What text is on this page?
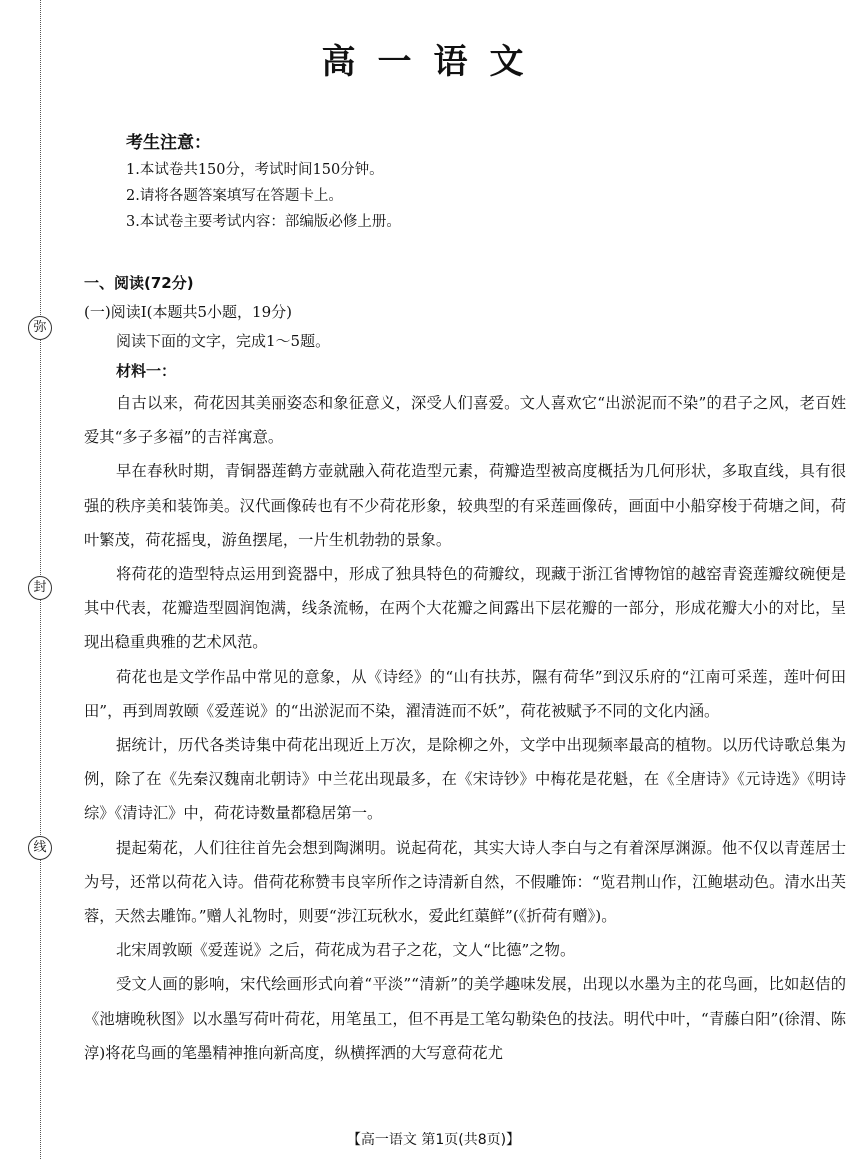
弥
封
线
高一语文
考生注意：
1.本试卷共150分，考试时间150分钟。
2.请将各题答案填写在答题卡上。
3.本试卷主要考试内容：部编版必修上册。
一、阅读(72分)
(一)阅读Ⅰ(本题共5小题，19分)
阅读下面的文字，完成1～5题。
材料一：

自古以来，荷花因其美丽姿态和象征意义，深受人们喜爱。文人喜欢它“出淤泥而不染”的君子之风，老百姓爱其“多子多福”的吉祥寓意。

早在春秋时期，青铜器莲鹤方壶就融入荷花造型元素，荷瓣造型被高度概括为几何形状，多取直线，具有很强的秩序美和装饰美。汉代画像砖也有不少荷花形象，较典型的有采莲画像砖，画面中小船穿梭于荷塘之间，荷叶繁茂，荷花摇曳，游鱼摆尾，一片生机勃勃的景象。

将荷花的造型特点运用到瓷器中，形成了独具特色的荷瓣纹，现藏于浙江省博物馆的越窑青瓷莲瓣纹碗便是其中代表，花瓣造型圆润饱满，线条流畅，在两个大花瓣之间露出下层花瓣的一部分，形成花瓣大小的对比，呈现出稳重典雅的艺术风范。

荷花也是文学作品中常见的意象，从《诗经》的“山有扶苏，隰有荷华”到汉乐府的“江南可采莲，莲叶何田田”，再到周敦颐《爱莲说》的“出淤泥而不染，濯清涟而不妖”，荷花被赋予不同的文化内涵。

据统计，历代各类诗集中荷花出现近上万次，是除柳之外，文学中出现频率最高的植物。以历代诗歌总集为例，除了在《先秦汉魏南北朝诗》中兰花出现最多，在《宋诗钞》中梅花是花魁，在《全唐诗》《元诗选》《明诗综》《清诗汇》中，荷花诗数量都稳居第一。

提起菊花，人们往往首先会想到陶渊明。说起荷花，其实大诗人李白与之有着深厚渊源。他不仅以青莲居士为号，还常以荷花入诗。借荷花称赞韦良宰所作之诗清新自然，不假雕饰：“览君荆山作，江鲍堪动色。清水出芙蓉，天然去雕饰。”赠人礼物时，则要“涉江玩秋水，爱此红蕖鲜”(《折荷有赠》)。

北宋周敦颐《爱莲说》之后，荷花成为君子之花，文人“比德”之物。

受文人画的影响，宋代绘画形式向着“平淡”“清新”的美学趣味发展，出现以水墨为主的花鸟画，比如赵佶的《池塘晚秋图》以水墨写荷叶荷花，用笔虽工，但不再是工笔勾勒染色的技法。明代中叶，“青藤白阳”(徐渭、陈淳)将花鸟画的笔墨精神推向新高度，纵横挥洒的大写意荷花尤

【高一语文 第1页(共8页)】
